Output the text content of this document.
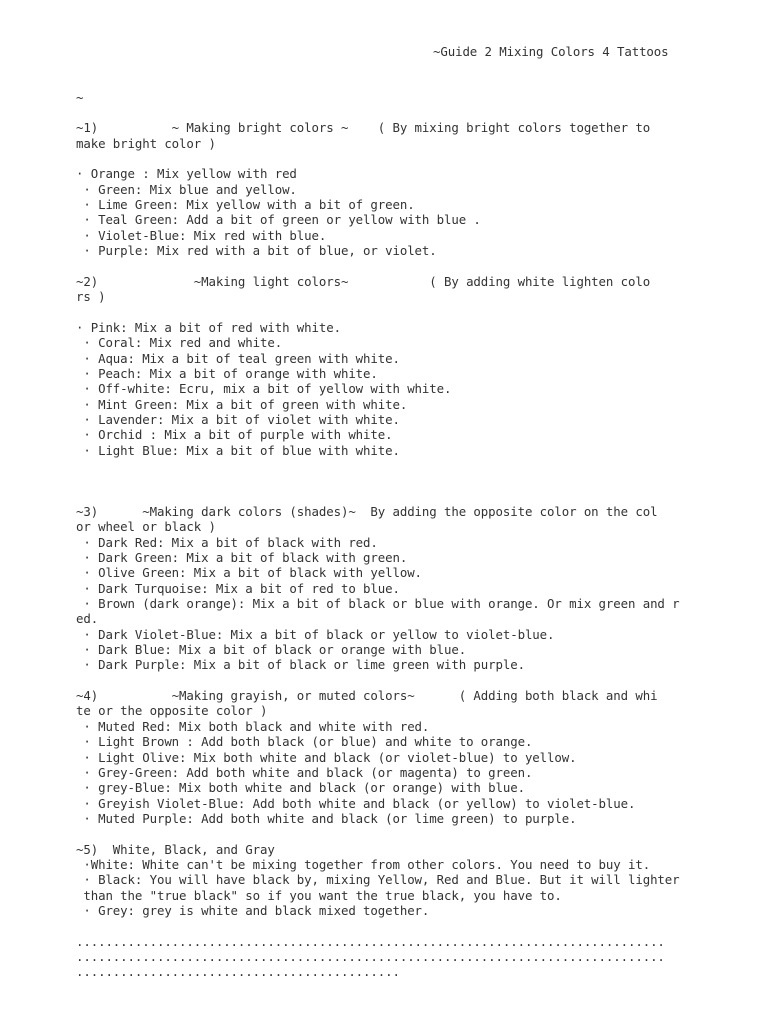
~Guide 2 Mixing Colors 4 Tattoos

~
~1)          ~ Making bright colors ~    ( By mixing bright colors together to
make bright color )
· Orange : Mix yellow with red
· Green: Mix blue and yellow.
· Lime Green: Mix yellow with a bit of green.
· Teal Green: Add a bit of green or yellow with blue .
· Violet-Blue: Mix red with blue.
· Purple: Mix red with a bit of blue, or violet.
~2)             ~Making light colors~           ( By adding white lighten colo
rs )
· Pink: Mix a bit of red with white.
· Coral: Mix red and white.
· Aqua: Mix a bit of teal green with white.
· Peach: Mix a bit of orange with white.
· Off-white: Ecru, mix a bit of yellow with white.
· Mint Green: Mix a bit of green with white.
· Lavender: Mix a bit of violet with white.
· Orchid : Mix a bit of purple with white.
· Light Blue: Mix a bit of blue with white.
~3)      ~Making dark colors (shades)~  By adding the opposite color on the col
or wheel or black )
· Dark Red: Mix a bit of black with red.
· Dark Green: Mix a bit of black with green.
· Olive Green: Mix a bit of black with yellow.
· Dark Turquoise: Mix a bit of red to blue.
· Brown (dark orange): Mix a bit of black or blue with orange. Or mix green and r
ed.
· Dark Violet-Blue: Mix a bit of black or yellow to violet-blue.
· Dark Blue: Mix a bit of black or orange with blue.
· Dark Purple: Mix a bit of black or lime green with purple.
~4)          ~Making grayish, or muted colors~      ( Adding both black and whi
te or the opposite color )
· Muted Red: Mix both black and white with red.
· Light Brown : Add both black (or blue) and white to orange.
· Light Olive: Mix both white and black (or violet-blue) to yellow.
· Grey-Green: Add both white and black (or magenta) to green.
· grey-Blue: Mix both white and black (or orange) with blue.
· Greyish Violet-Blue: Add both white and black (or yellow) to violet-blue.
· Muted Purple: Add both white and black (or lime green) to purple.
~5)  White, Black, and Gray
·White: White can't be mixing together from other colors. You need to buy it.
· Black: You will have black by, mixing Yellow, Red and Blue. But it will lighter
than the "true black" so if you want the true black, you have to.
· Grey: grey is white and black mixed together.
................................................................................
................................................................................
............................................
